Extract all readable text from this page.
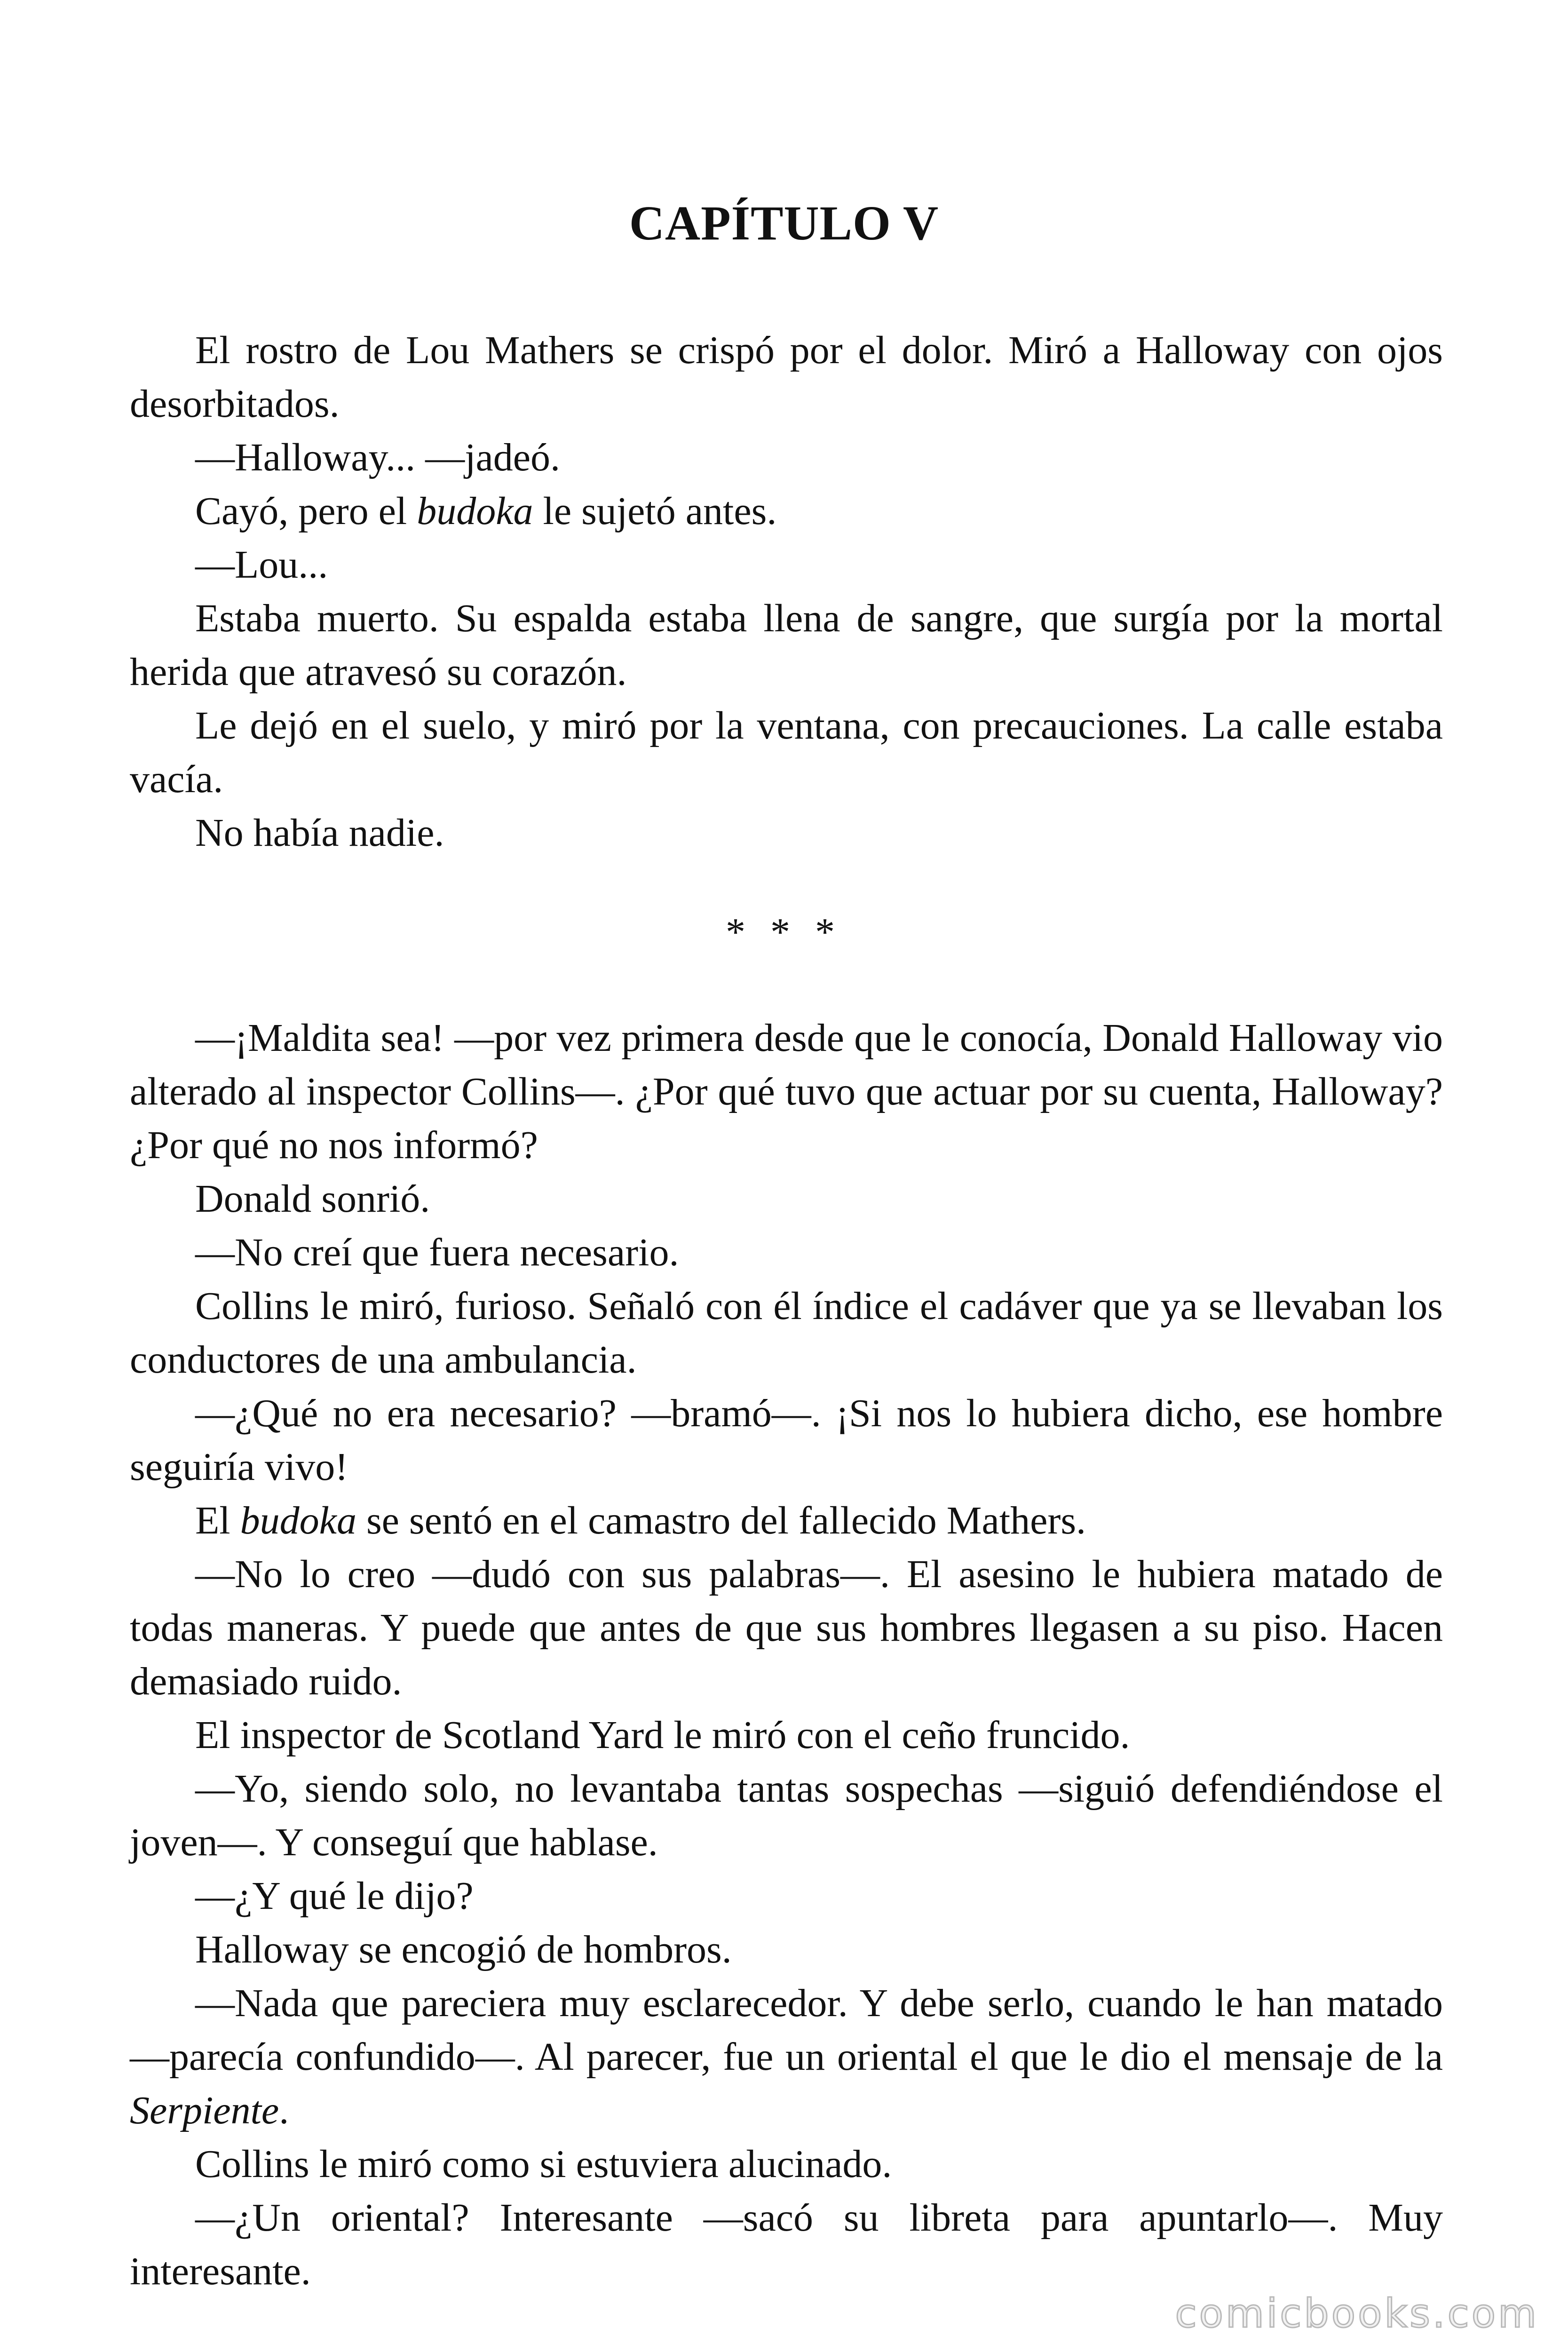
CAPÍTULO V

El rostro de Lou Mathers se crispó por el dolor. Miró a Halloway con ojos desorbitados.

—Halloway... —jadeó.

Cayó, pero el budoka le sujetó antes.

—Lou...

Estaba muerto. Su espalda estaba llena de sangre, que surgía por la mortal herida que atravesó su corazón.

Le dejó en el suelo, y miró por la ventana, con precauciones. La calle estaba vacía.

No había nadie.

* * *

—¡Maldita sea! —por vez primera desde que le conocía, Donald Halloway vio alterado al inspector Collins—. ¿Por qué tuvo que actuar por su cuenta, Halloway? ¿Por qué no nos informó?

Donald sonrió.

—No creí que fuera necesario.

Collins le miró, furioso. Señaló con él índice el cadáver que ya se llevaban los conductores de una ambulancia.

—¿Qué no era necesario? —bramó—. ¡Si nos lo hubiera dicho, ese hombre seguiría vivo!

El budoka se sentó en el camastro del fallecido Mathers.

—No lo creo —dudó con sus palabras—. El asesino le hubiera matado de todas maneras. Y puede que antes de que sus hombres llegasen a su piso. Hacen demasiado ruido.

El inspector de Scotland Yard le miró con el ceño fruncido.

—Yo, siendo solo, no levantaba tantas sospechas —siguió defendiéndose el joven—. Y conseguí que hablase.

—¿Y qué le dijo?

Halloway se encogió de hombros.

—Nada que pareciera muy esclarecedor. Y debe serlo, cuando le han matado —parecía confundido—. Al parecer, fue un oriental el que le dio el mensaje de la Serpiente.

Collins le miró como si estuviera alucinado.

—¿Un oriental? Interesante —sacó su libreta para apuntarlo—. Muy interesante.

comicbooks.com
